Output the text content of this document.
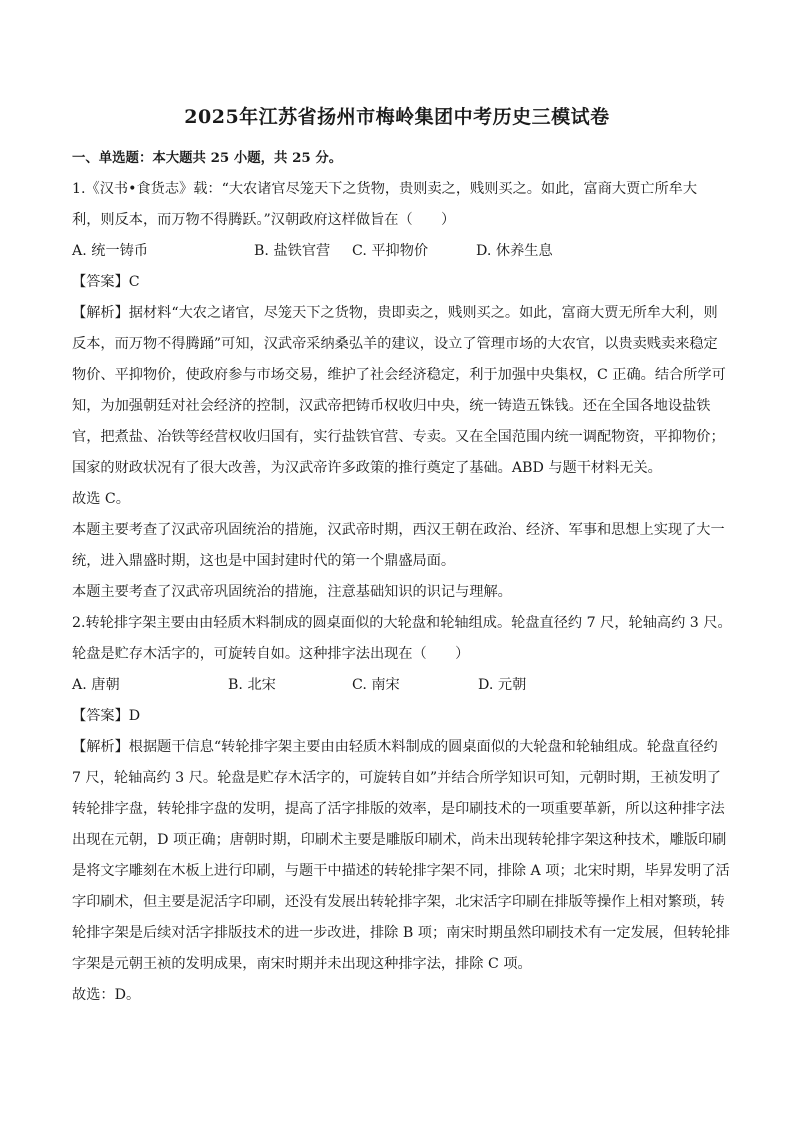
2025年江苏省扬州市梅岭集团中考历史三模试卷

一、单选题：本大题共 25 小题，共 25 分。

1.《汉书•食货志》载：“大农诸官尽笼天下之货物，贵则卖之，贱则买之。如此，富商大贾亡所牟大

利，则反本，而万物不得腾跃。”汉朝政府这样做旨在（　　）

A. 统一铸币	B. 盐铁官营	C. 平抑物价	D. 休养生息

【答案】C

【解析】据材料“大农之诸官，尽笼天下之货物，贵即卖之，贱则买之。如此，富商大贾无所牟大利，则

反本，而万物不得腾踊”可知，汉武帝采纳桑弘羊的建议，设立了管理市场的大农官，以贵卖贱卖来稳定

物价、平抑物价，使政府参与市场交易，维护了社会经济稳定，利于加强中央集权，C 正确。结合所学可

知，为加强朝廷对社会经济的控制，汉武帝把铸币权收归中央，统一铸造五铢钱。还在全国各地设盐铁

官，把煮盐、冶铁等经营权收归国有，实行盐铁官营、专卖。又在全国范围内统一调配物资，平抑物价；

国家的财政状况有了很大改善，为汉武帝许多政策的推行奠定了基础。ABD 与题干材料无关。

故选 C。

本题主要考查了汉武帝巩固统治的措施，汉武帝时期，西汉王朝在政治、经济、军事和思想上实现了大一

统，进入鼎盛时期，这也是中国封建时代的第一个鼎盛局面。

本题主要考查了汉武帝巩固统治的措施，注意基础知识的识记与理解。

2.转轮排字架主要由由轻质木料制成的圆桌面似的大轮盘和轮轴组成。轮盘直径约 7 尺，轮轴高约 3 尺。

轮盘是贮存木活字的，可旋转自如。这种排字法出现在（　　）

A. 唐朝	B. 北宋	C. 南宋	D. 元朝

【答案】D

【解析】根据题干信息“转轮排字架主要由由轻质木料制成的圆桌面似的大轮盘和轮轴组成。轮盘直径约

7 尺，轮轴高约 3 尺。轮盘是贮存木活字的，可旋转自如”并结合所学知识可知，元朝时期，王祯发明了

转轮排字盘，转轮排字盘的发明，提高了活字排版的效率，是印刷技术的一项重要革新，所以这种排字法

出现在元朝，D 项正确；唐朝时期，印刷术主要是雕版印刷术，尚未出现转轮排字架这种技术，雕版印刷

是将文字雕刻在木板上进行印刷，与题干中描述的转轮排字架不同，排除 A 项；北宋时期，毕昇发明了活

字印刷术，但主要是泥活字印刷，还没有发展出转轮排字架，北宋活字印刷在排版等操作上相对繁琐，转

轮排字架是后续对活字排版技术的进一步改进，排除 B 项；南宋时期虽然印刷技术有一定发展，但转轮排

字架是元朝王祯的发明成果，南宋时期并未出现这种排字法，排除 C 项。

故选：D。
